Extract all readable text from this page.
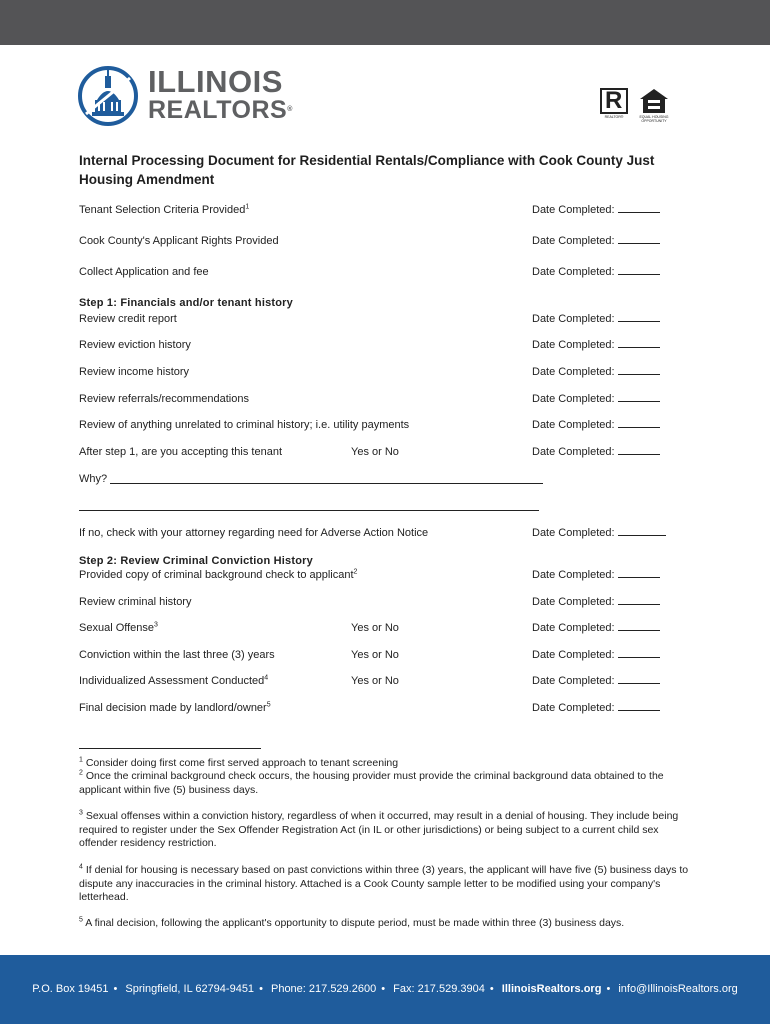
ILLINOIS
REALTORS®	R
REALTOR®	EQUAL HOUSING OPPORTUNITY
Internal Processing Document for Residential Rentals/Compliance with Cook County Just Housing Amendment
Tenant Selection Criteria Provided$^1$	Date Completed:
Cook County's Applicant Rights Provided	Date Completed:
Collect Application and fee	Date Completed:
Step 1: Financials and/or tenant history
Review credit report	Date Completed:
Review eviction history	Date Completed:
Review income history	Date Completed:
Review referrals/recommendations	Date Completed:
Review of anything unrelated to criminal history; i.e. utility payments	Date Completed:
After step 1, are you accepting this tenant	Yes or No	Date Completed:
Why?
If no, check with your attorney regarding need for Adverse Action Notice	Date Completed:
Step 2: Review Criminal Conviction History
Provided copy of criminal background check to applicant$^2$	Date Completed:
Review criminal history	Date Completed:
Sexual Offense$^3$	Yes or No	Date Completed:
Conviction within the last three (3) years	Yes or No	Date Completed:
Individualized Assessment Conducted$^4$	Yes or No	Date Completed:
Final decision made by landlord/owner$^5$	Date Completed:
$^1$ Consider doing first come first served approach to tenant screening
$^2$ Once the criminal background check occurs, the housing provider must provide the criminal background data obtained to the applicant within five (5) business days.
$^3$ Sexual offenses within a conviction history, regardless of when it occurred, may result in a denial of housing. They include being required to register under the Sex Offender Registration Act (in IL or other jurisdictions) or being subject to a current child sex offender residency restriction.
$^4$ If denial for housing is necessary based on past convictions within three (3) years, the applicant will have five (5) business days to dispute any inaccuracies in the criminal history. Attached is a Cook County sample letter to be modified using your company's letterhead.
$^5$ A final decision, following the applicant's opportunity to dispute period, must be made within three (3) business days.
P.O. Box 19451 • Springfield, IL 62794-9451 • Phone: 217.529.2600 • Fax: 217.529.3904 • IllinoisRealtors.org • info@IllinoisRealtors.org
